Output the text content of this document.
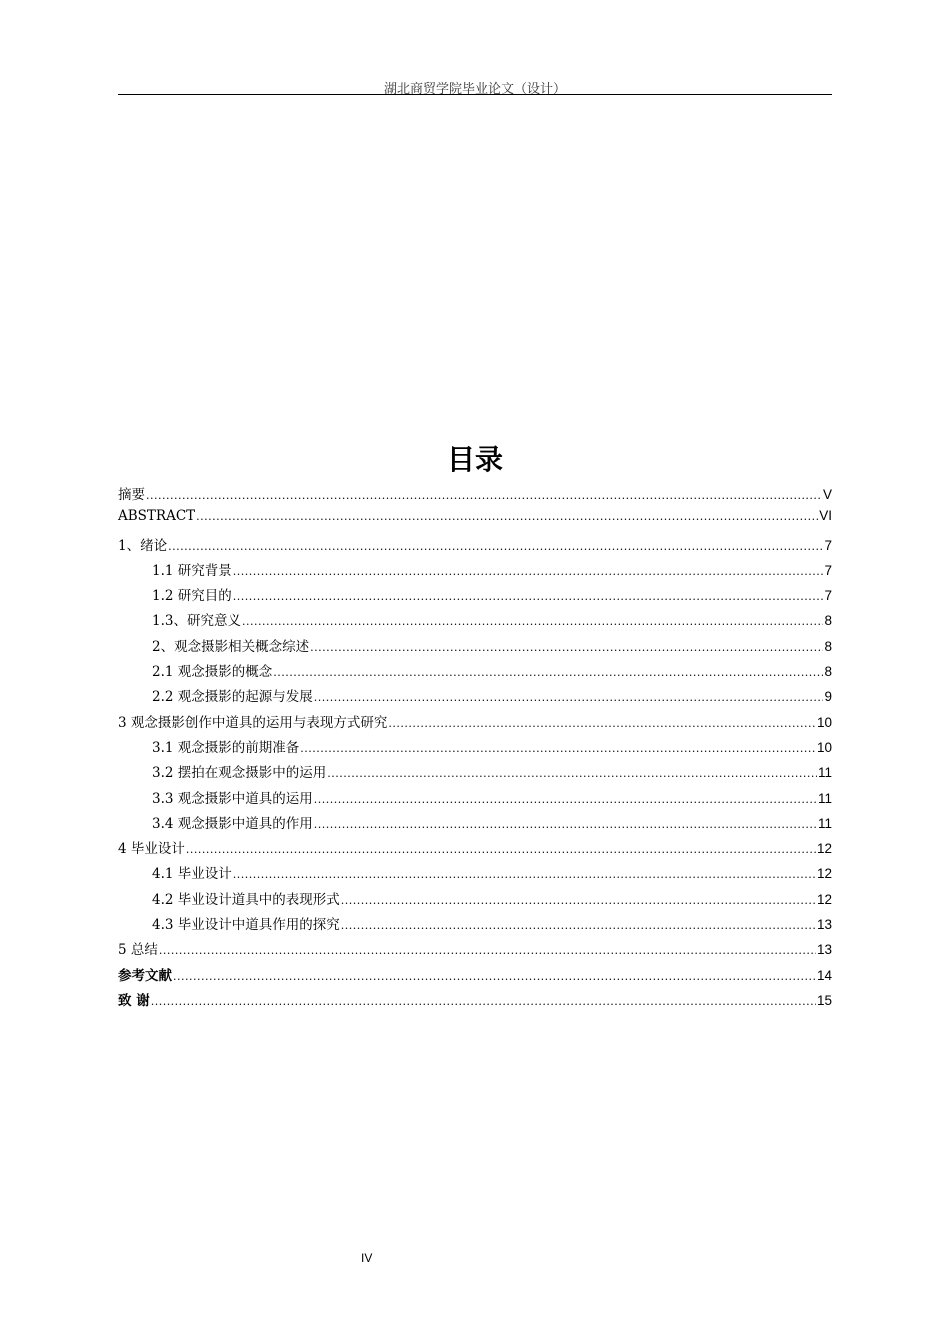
湖北商贸学院毕业论文（设计）
目录
摘要 .....	V
ABSTRACT .....	VI
1、绪论 .....	7
1.1 研究背景 .....	7
1.2 研究目的 .....	7
1.3、研究意义 .....	8
2、观念摄影相关概念综述 .....	8
2.1 观念摄影的概念 .....	8
2.2 观念摄影的起源与发展 .....	9
3 观念摄影创作中道具的运用与表现方式研究 .....	10
3.1 观念摄影的前期准备 .....	10
3.2 摆拍在观念摄影中的运用 .....	11
3.3 观念摄影中道具的运用 .....	11
3.4 观念摄影中道具的作用 .....	11
4 毕业设计 .....	12
4.1 毕业设计 .....	12
4.2 毕业设计道具中的表现形式 .....	12
4.3 毕业设计中道具作用的探究 .....	13
5 总结 .....	13
参考文献 .....	14
致 谢 .....	15
IV
